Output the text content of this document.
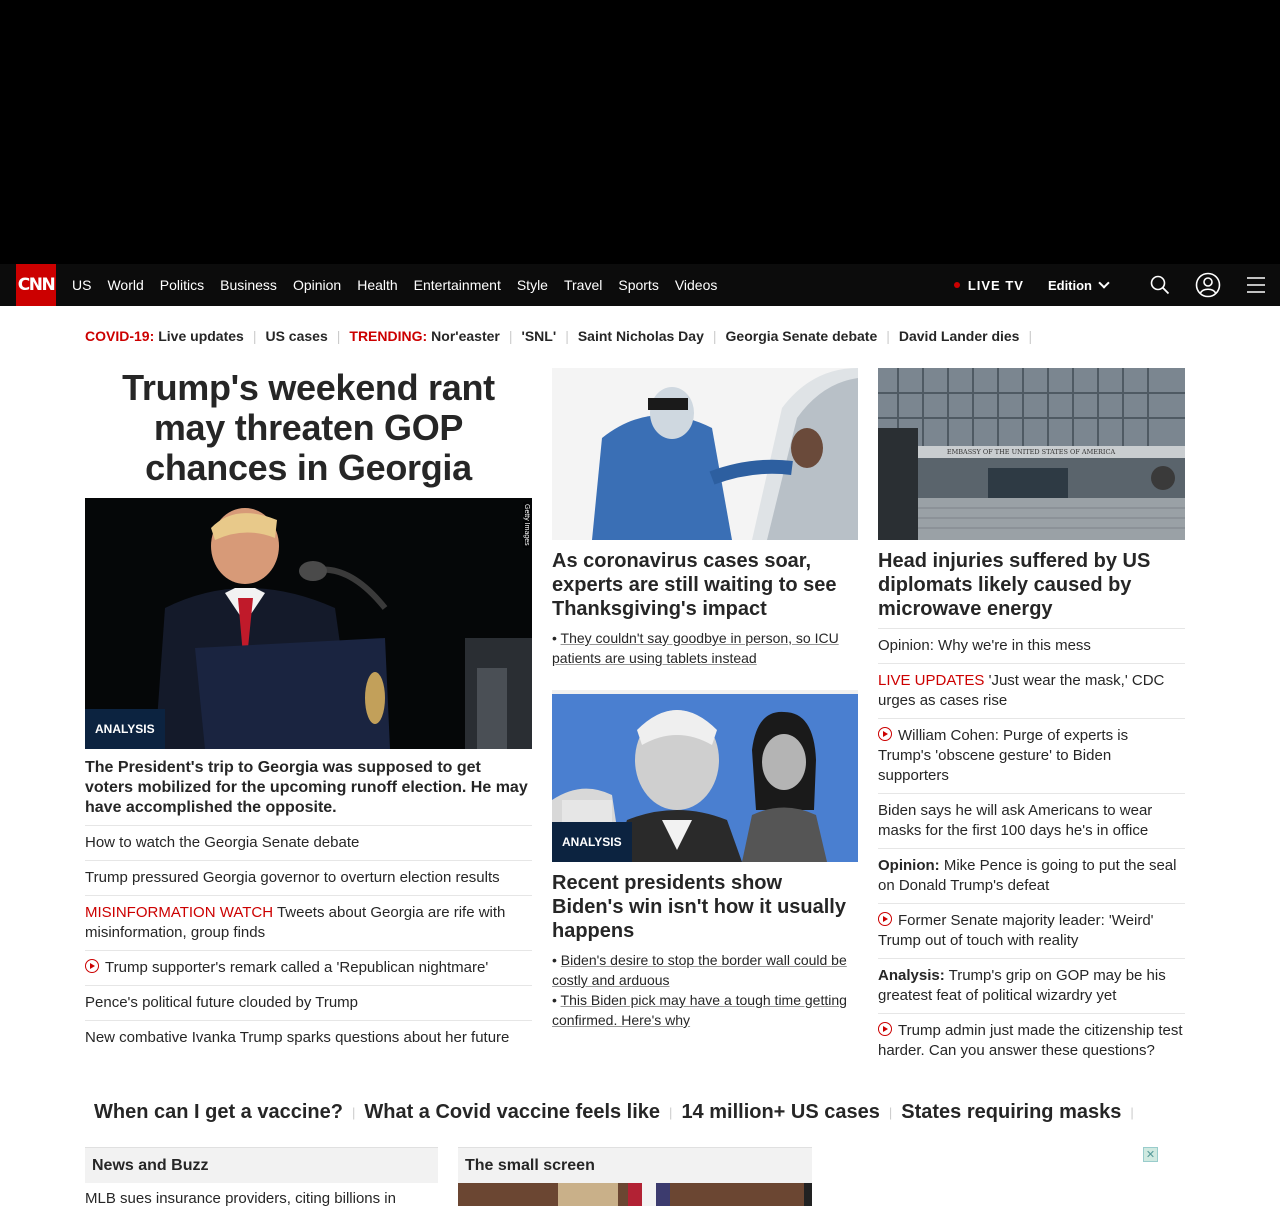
CNN US World Politics Business Opinion Health Entertainment Style Travel Sports Videos	LIVE TV Edition
COVID-19: Live updates | US cases | TRENDING: Nor'easter | 'SNL' | Saint Nicholas Day | Georgia Senate debate | David Lander dies |
Trump's weekend rant may threaten GOP chances in Georgia
Getty Images
ANALYSIS
The President's trip to Georgia was supposed to get voters mobilized for the upcoming runoff election. He may have accomplished the opposite.
How to watch the Georgia Senate debate
Trump pressured Georgia governor to overturn election results
MISINFORMATION WATCH Tweets about Georgia are rife with misinformation, group finds
Trump supporter's remark called a 'Republican nightmare'
Pence's political future clouded by Trump
New combative Ivanka Trump sparks questions about her future
As coronavirus cases soar, experts are still waiting to see Thanksgiving's impact
• They couldn't say goodbye in person, so ICU patients are using tablets instead
ANALYSIS
Recent presidents show Biden's win isn't how it usually happens
• Biden's desire to stop the border wall could be costly and arduous
• This Biden pick may have a tough time getting confirmed. Here's why
EMBASSY OF THE UNITED STATES OF AMERICA
Head injuries suffered by US diplomats likely caused by microwave energy
Opinion: Why we're in this mess
LIVE UPDATES 'Just wear the mask,' CDC urges as cases rise
William Cohen: Purge of experts is Trump's 'obscene gesture' to Biden supporters
Biden says he will ask Americans to wear masks for the first 100 days he's in office
Opinion: Mike Pence is going to put the seal on Donald Trump's defeat
Former Senate majority leader: 'Weird' Trump out of touch with reality
Analysis: Trump's grip on GOP may be his greatest feat of political wizardry yet
Trump admin just made the citizenship test harder. Can you answer these questions?
When can I get a vaccine? | What a Covid vaccine feels like | 14 million+ US cases | States requiring masks |
News and Buzz
MLB sues insurance providers, citing billions in
The small screen
✕
